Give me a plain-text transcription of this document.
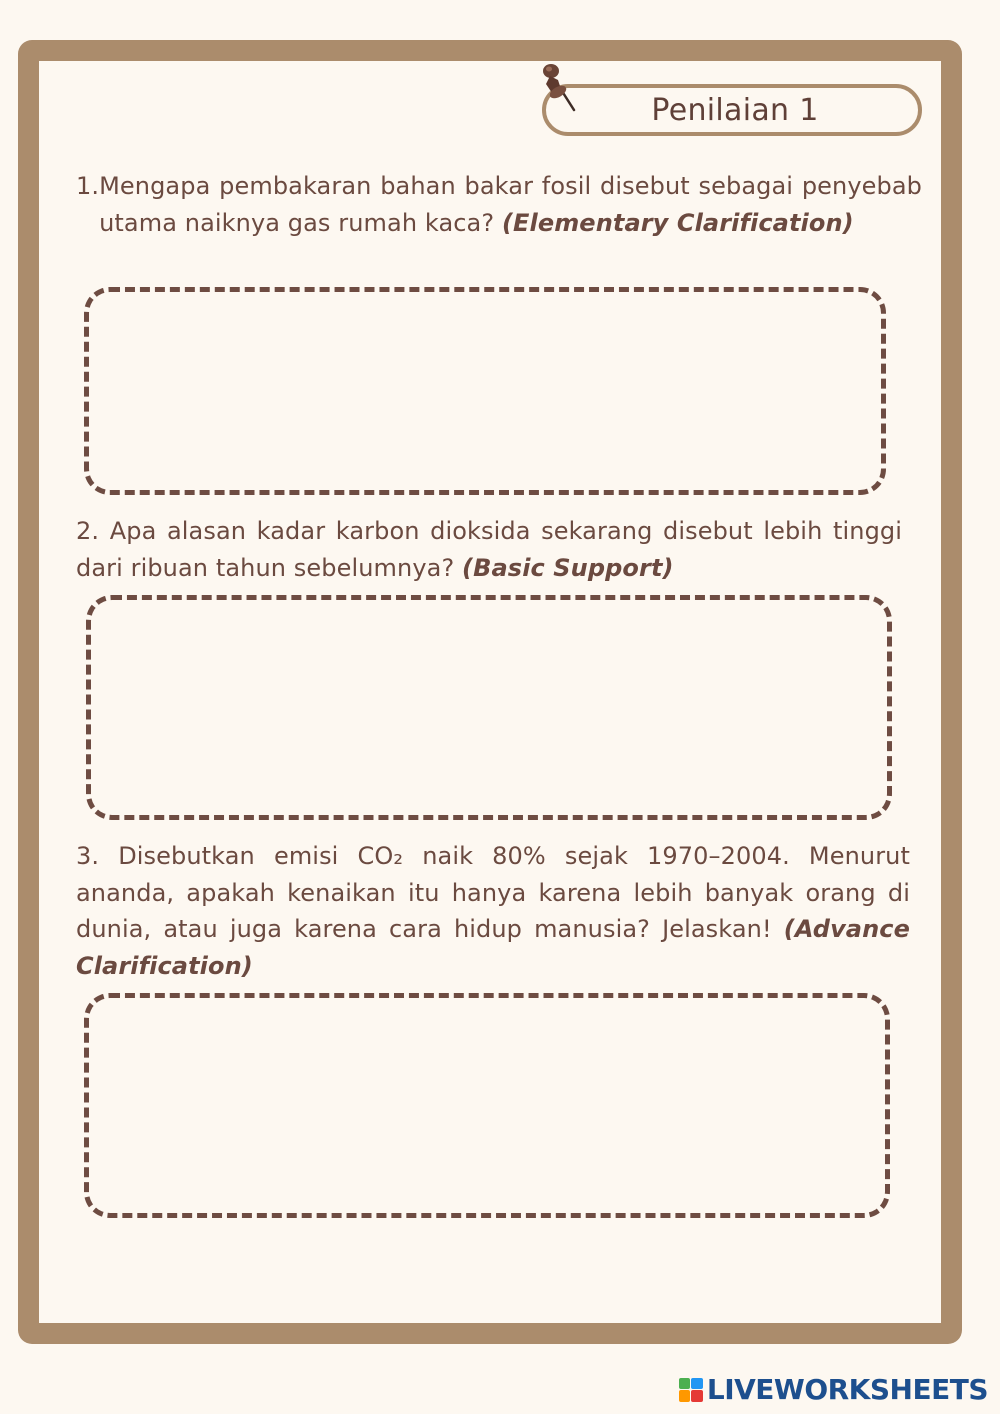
Penilaian 1
1. Mengapa pembakaran bahan bakar fosil disebut sebagai penyebab utama naiknya gas rumah kaca? (Elementary Clarification)
2. Apa alasan kadar karbon dioksida sekarang disebut lebih tinggi dari ribuan tahun sebelumnya? (Basic Support)
3. Disebutkan emisi CO₂ naik 80% sejak 1970–2004. Menurut ananda, apakah kenaikan itu hanya karena lebih banyak orang di dunia, atau juga karena cara hidup manusia? Jelaskan! (Advance Clarification)
LIVEWORKSHEETS
